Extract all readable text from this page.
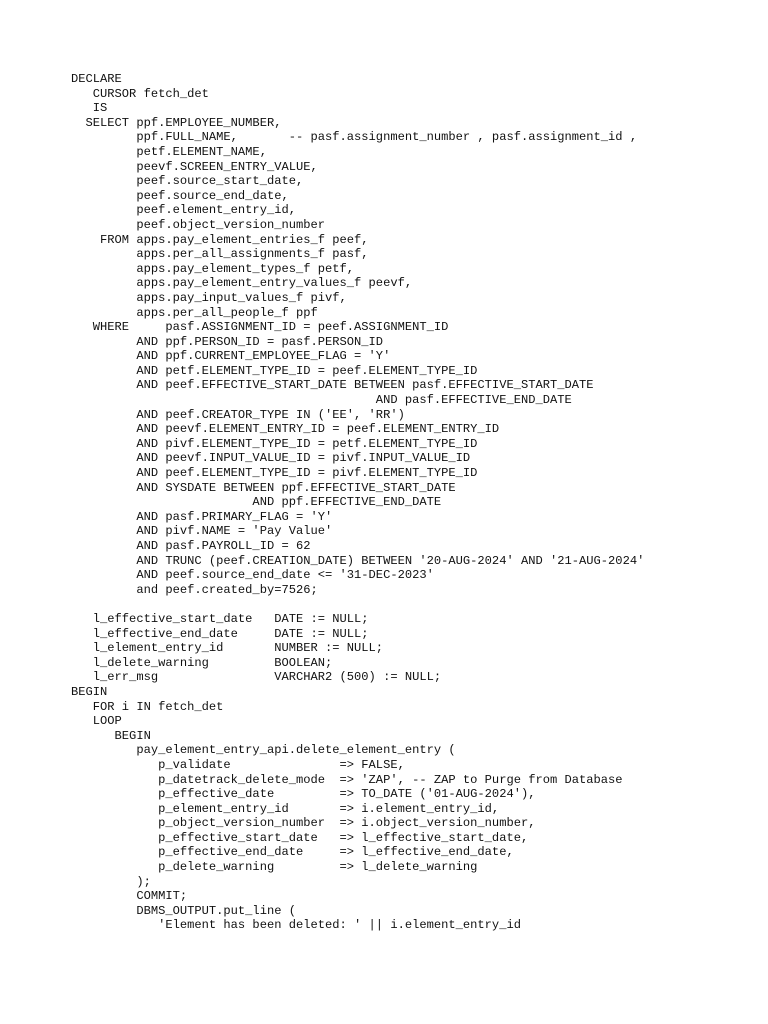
DECLARE
CURSOR fetch_det
IS
SELECT ppf.EMPLOYEE_NUMBER,
ppf.FULL_NAME,       -- pasf.assignment_number , pasf.assignment_id ,
petf.ELEMENT_NAME,
peevf.SCREEN_ENTRY_VALUE,
peef.source_start_date,
peef.source_end_date,
peef.element_entry_id,
peef.object_version_number
FROM apps.pay_element_entries_f peef,
apps.per_all_assignments_f pasf,
apps.pay_element_types_f petf,
apps.pay_element_entry_values_f peevf,
apps.pay_input_values_f pivf,
apps.per_all_people_f ppf
WHERE     pasf.ASSIGNMENT_ID = peef.ASSIGNMENT_ID
AND ppf.PERSON_ID = pasf.PERSON_ID
AND ppf.CURRENT_EMPLOYEE_FLAG = 'Y'
AND petf.ELEMENT_TYPE_ID = peef.ELEMENT_TYPE_ID
AND peef.EFFECTIVE_START_DATE BETWEEN pasf.EFFECTIVE_START_DATE
AND pasf.EFFECTIVE_END_DATE
AND peef.CREATOR_TYPE IN ('EE', 'RR')
AND peevf.ELEMENT_ENTRY_ID = peef.ELEMENT_ENTRY_ID
AND pivf.ELEMENT_TYPE_ID = petf.ELEMENT_TYPE_ID
AND peevf.INPUT_VALUE_ID = pivf.INPUT_VALUE_ID
AND peef.ELEMENT_TYPE_ID = pivf.ELEMENT_TYPE_ID
AND SYSDATE BETWEEN ppf.EFFECTIVE_START_DATE
AND ppf.EFFECTIVE_END_DATE
AND pasf.PRIMARY_FLAG = 'Y'
AND pivf.NAME = 'Pay Value'
AND pasf.PAYROLL_ID = 62
AND TRUNC (peef.CREATION_DATE) BETWEEN '20-AUG-2024' AND '21-AUG-2024'
AND peef.source_end_date <= '31-DEC-2023'
and peef.created_by=7526;
l_effective_start_date   DATE := NULL;
l_effective_end_date     DATE := NULL;
l_element_entry_id       NUMBER := NULL;
l_delete_warning         BOOLEAN;
l_err_msg                VARCHAR2 (500) := NULL;
BEGIN
FOR i IN fetch_det
LOOP
BEGIN
pay_element_entry_api.delete_element_entry (
p_validate               => FALSE,
p_datetrack_delete_mode  => 'ZAP', -- ZAP to Purge from Database
p_effective_date         => TO_DATE ('01-AUG-2024'),
p_element_entry_id       => i.element_entry_id,
p_object_version_number  => i.object_version_number,
p_effective_start_date   => l_effective_start_date,
p_effective_end_date     => l_effective_end_date,
p_delete_warning         => l_delete_warning
);
COMMIT;
DBMS_OUTPUT.put_line (
'Element has been deleted: ' || i.element_entry_id
